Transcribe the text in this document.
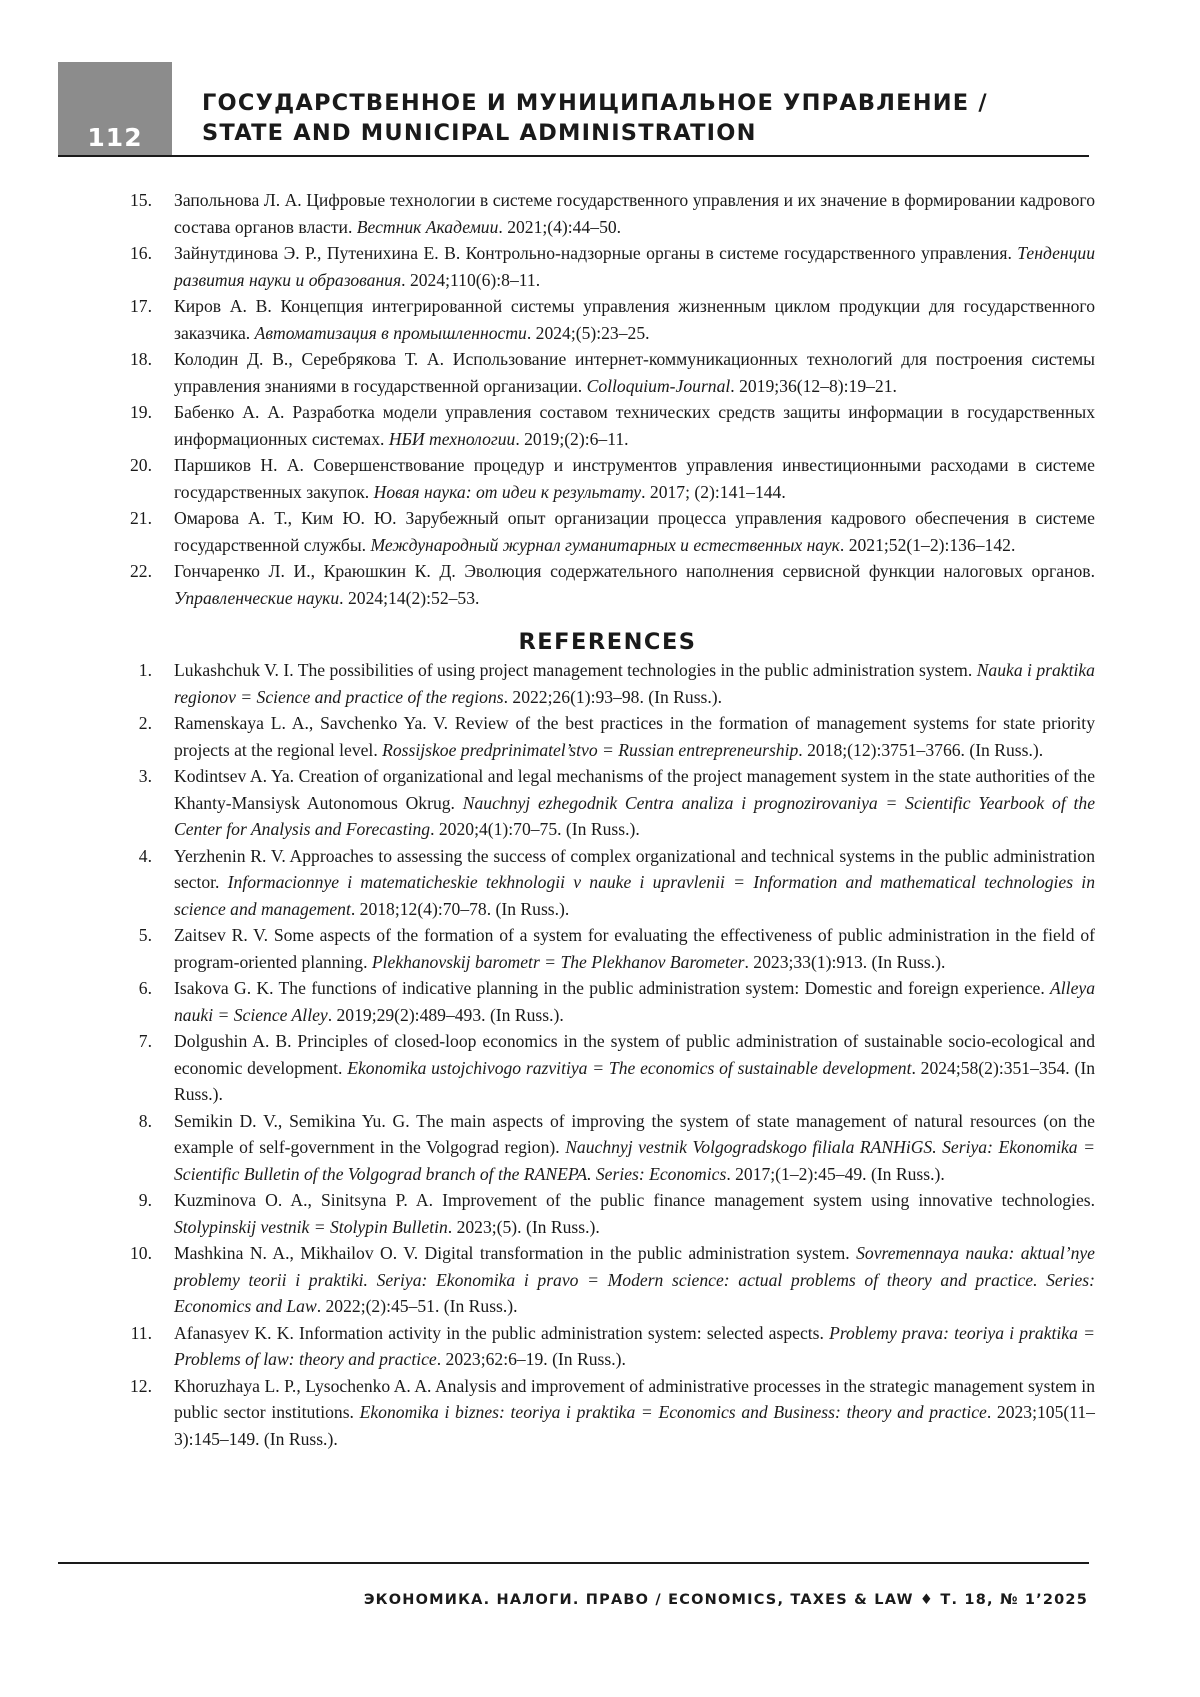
112
ГОСУДАРСТВЕННОЕ И МУНИЦИПАЛЬНОЕ УПРАВЛЕНИЕ /
STATE AND MUNICIPAL ADMINISTRATION
15. Запольнова Л. А. Цифровые технологии в системе государственного управления и их значение в формировании кадрового состава органов власти. Вестник Академии. 2021;(4):44–50.
16. Зайнутдинова Э. Р., Путенихина Е. В. Контрольно-надзорные органы в системе государственного управления. Тенденции развития науки и образования. 2024;110(6):8–11.
17. Киров А. В. Концепция интегрированной системы управления жизненным циклом продукции для государственного заказчика. Автоматизация в промышленности. 2024;(5):23–25.
18. Колодин Д. В., Серебрякова Т. А. Использование интернет-коммуникационных технологий для построения системы управления знаниями в государственной организации. Colloquium-Journal. 2019;36(12–8):19–21.
19. Бабенко А. А. Разработка модели управления составом технических средств защиты информации в государственных информационных системах. НБИ технологии. 2019;(2):6–11.
20. Паршиков Н. А. Совершенствование процедур и инструментов управления инвестиционными расходами в системе государственных закупок. Новая наука: от идеи к результату. 2017; (2):141–144.
21. Омарова А. Т., Ким Ю. Ю. Зарубежный опыт организации процесса управления кадрового обеспечения в системе государственной службы. Международный журнал гуманитарных и естественных наук. 2021;52(1–2):136–142.
22. Гончаренко Л. И., Краюшкин К. Д. Эволюция содержательного наполнения сервисной функции налоговых органов. Управленческие науки. 2024;14(2):52–53.
REFERENCES
1. Lukashchuk V. I. The possibilities of using project management technologies in the public administration system. Nauka i praktika regionov = Science and practice of the regions. 2022;26(1):93–98. (In Russ.).
2. Ramenskaya L. A., Savchenko Ya. V. Review of the best practices in the formation of management systems for state priority projects at the regional level. Rossijskoe predprinimatel’stvo = Russian entrepreneurship. 2018;(12):3751–3766. (In Russ.).
3. Kodintsev A. Ya. Creation of organizational and legal mechanisms of the project management system in the state authorities of the Khanty-Mansiysk Autonomous Okrug. Nauchnyj ezhegodnik Centra analiza i prognozirovaniya = Scientific Yearbook of the Center for Analysis and Forecasting. 2020;4(1):70–75. (In Russ.).
4. Yerzhenin R. V. Approaches to assessing the success of complex organizational and technical systems in the public administration sector. Informacionnye i matematicheskie tekhnologii v nauke i upravlenii = Information and mathematical technologies in science and management. 2018;12(4):70–78. (In Russ.).
5. Zaitsev R. V. Some aspects of the formation of a system for evaluating the effectiveness of public administration in the field of program-oriented planning. Plekhanovskij barometr = The Plekhanov Barometer. 2023;33(1):913. (In Russ.).
6. Isakova G. K. The functions of indicative planning in the public administration system: Domestic and foreign experience. Alleya nauki = Science Alley. 2019;29(2):489–493. (In Russ.).
7. Dolgushin A. B. Principles of closed-loop economics in the system of public administration of sustainable socio-ecological and economic development. Ekonomika ustojchivogo razvitiya = The economics of sustainable development. 2024;58(2):351–354. (In Russ.).
8. Semikin D. V., Semikina Yu. G. The main aspects of improving the system of state management of natural resources (on the example of self-government in the Volgograd region). Nauchnyj vestnik Volgogradskogo filiala RANHiGS. Seriya: Ekonomika = Scientific Bulletin of the Volgograd branch of the RANEPA. Series: Economics. 2017;(1–2):45–49. (In Russ.).
9. Kuzminova O. A., Sinitsyna P. A. Improvement of the public finance management system using innovative technologies. Stolypinskij vestnik = Stolypin Bulletin. 2023;(5). (In Russ.).
10. Mashkina N. A., Mikhailov O. V. Digital transformation in the public administration system. Sovremennaya nauka: aktual’nye problemy teorii i praktiki. Seriya: Ekonomika i pravo = Modern science: actual problems of theory and practice. Series: Economics and Law. 2022;(2):45–51. (In Russ.).
11. Afanasyev K. K. Information activity in the public administration system: selected aspects. Problemy prava: teoriya i praktika = Problems of law: theory and practice. 2023;62:6–19. (In Russ.).
12. Khoruzhaya L. P., Lysochenko A. A. Analysis and improvement of administrative processes in the strategic management system in public sector institutions. Ekonomika i biznes: teoriya i praktika = Economics and Business: theory and practice. 2023;105(11–3):145–149. (In Russ.).
ЭКОНОМИКА. НАЛОГИ. ПРАВО / ECONOMICS, TAXES & LAW ♦ Т. 18, № 1’2025
